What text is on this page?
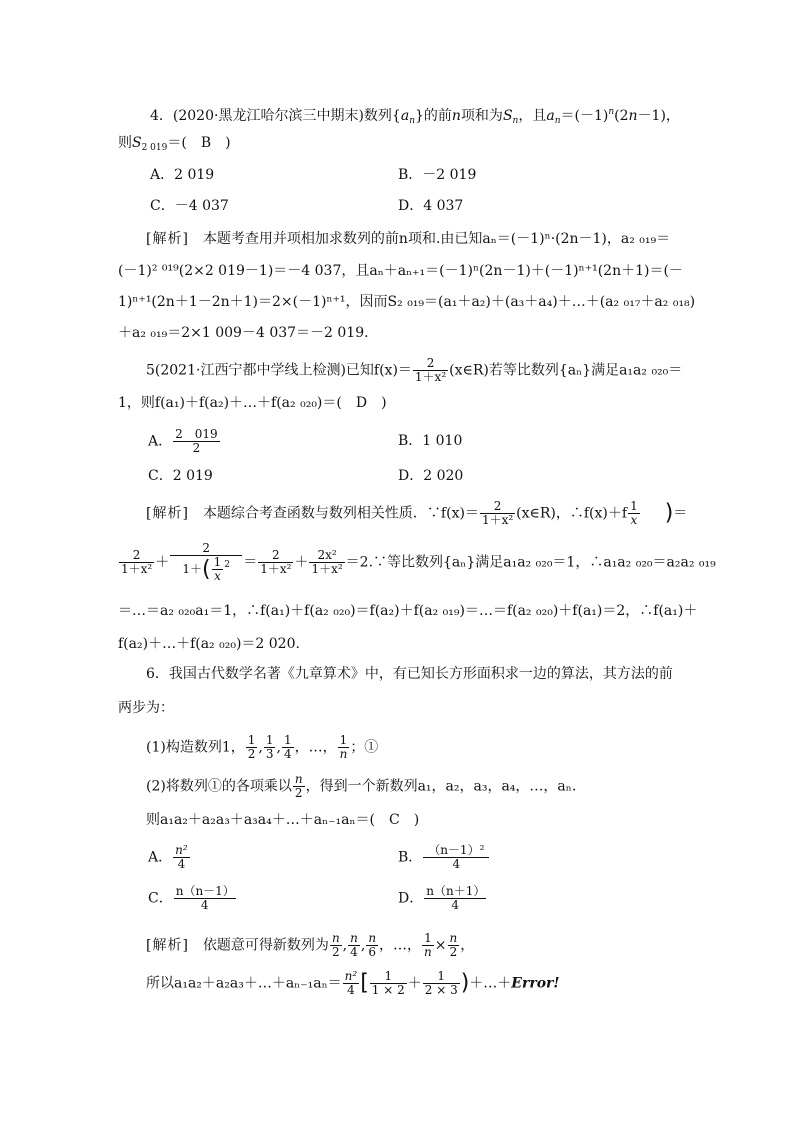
4．(2020·黑龙江哈尔滨三中期末)数列$\{a_n\}$的前n项和为$S_n$，且$a_n=(-1)^n(2n-1)$，
则$S_{2 019}=$(　B　)
A．2 019	B．－2 019
C．－4 037	D．4 037
[解析]　 本题考查用并项相加求数列的前n项和.由已知aₙ＝(－1)ⁿ·(2n－1)，a₂ ₀₁₉＝
(－1)² ⁰¹⁹(2×2 019－1)＝－4 037，且aₙ＋aₙ₊₁＝(－1)ⁿ(2n－1)＋(－1)ⁿ⁺¹(2n＋1)＝(－
1)ⁿ⁺¹(2n＋1－2n＋1)＝2×(－1)ⁿ⁺¹，因而S₂ ₀₁₉＝(a₁＋a₂)＋(a₃＋a₄)＋…＋(a₂ ₀₁₇＋a₂ ₀₁₈)
＋a₂ ₀₁₉＝2×1 009－4 037＝－2 019.
5(2021·江西宁都中学线上检测)已知$f(x)= \frac{2}{\text{1＋x²}}$ (x∈R)若等比数列{aₙ}满足a₁a₂ ₀₂₀＝
1，则f(a₁)＋f(a₂)＋…＋f(a₂ ₀₂₀)＝(　D　)
A． $\frac{2 019}{2}$	B．1 010
C．2 019	D．2 020
[解析]　 本题综合考查函数与数列相关性质．∵f(x)＝ $\frac{2}{\text{1＋x²}}$ (x∈R)，∴f(x)＋f $\frac{1}{x}$ )＝
$\frac{2}{\text{1＋x²}} + \frac{2}{1+( \frac{1}{x} ^2} = \frac{2}{\text{1＋x²}} + \frac{\text{2x²}}{\text{1＋x²}}$ ＝2.∵等比数列{aₙ}满足a₁a₂ ₀₂₀＝1，∴a₁a₂ ₀₂₀＝a₂a₂ ₀₁₉
＝…＝a₂ ₀₂₀a₁＝1，∴f(a₁)＋f(a₂ ₀₂₀)＝f(a₂)＋f(a₂ ₀₁₉)＝…＝f(a₂ ₀₂₀)＋f(a₁)＝2，∴f(a₁)＋
f(a₂)＋…＋f(a₂ ₀₂₀)＝2 020.
6．我国古代数学名著《九章算术》中，有已知长方形面积求一边的算法，其方法的前
两步为：
(1)构造数列1， $\frac{1}{2}$ , $\frac{1}{3}$ , $\frac{1}{4}$ ，…， $\frac{1}{n}$ ；①
(2)将数列①的各项乘以 $\frac{n}{2}$ ，得到一个新数列a₁，a₂，a₃，a₄，…，aₙ.
则a₁a₂＋a₂a₃＋a₃a₄＋…＋aₙ₋₁aₙ＝(　C　)
A． $\frac{\text{n²}}{4}$	B． $\frac{\text{（n－1）²}}{4}$
C． $\frac{n(n-1)}{4}$	D． $\frac{n(n+1)}{4}$
[解析]　 依题意可得新数列为 $\frac{n}{2}$ , $\frac{n}{4}$ , $\frac{n}{6}$ ，…， $\frac{1}{n} \times \frac{n}{2}$ ，
所以a₁a₂＋a₂a₃＋…＋aₙ₋₁aₙ＝ $\frac{\text{n²}}{4}$ [ $\frac{1}{1 \times 2} + \frac{1}{2 \times 3}$ )＋…＋Error!
